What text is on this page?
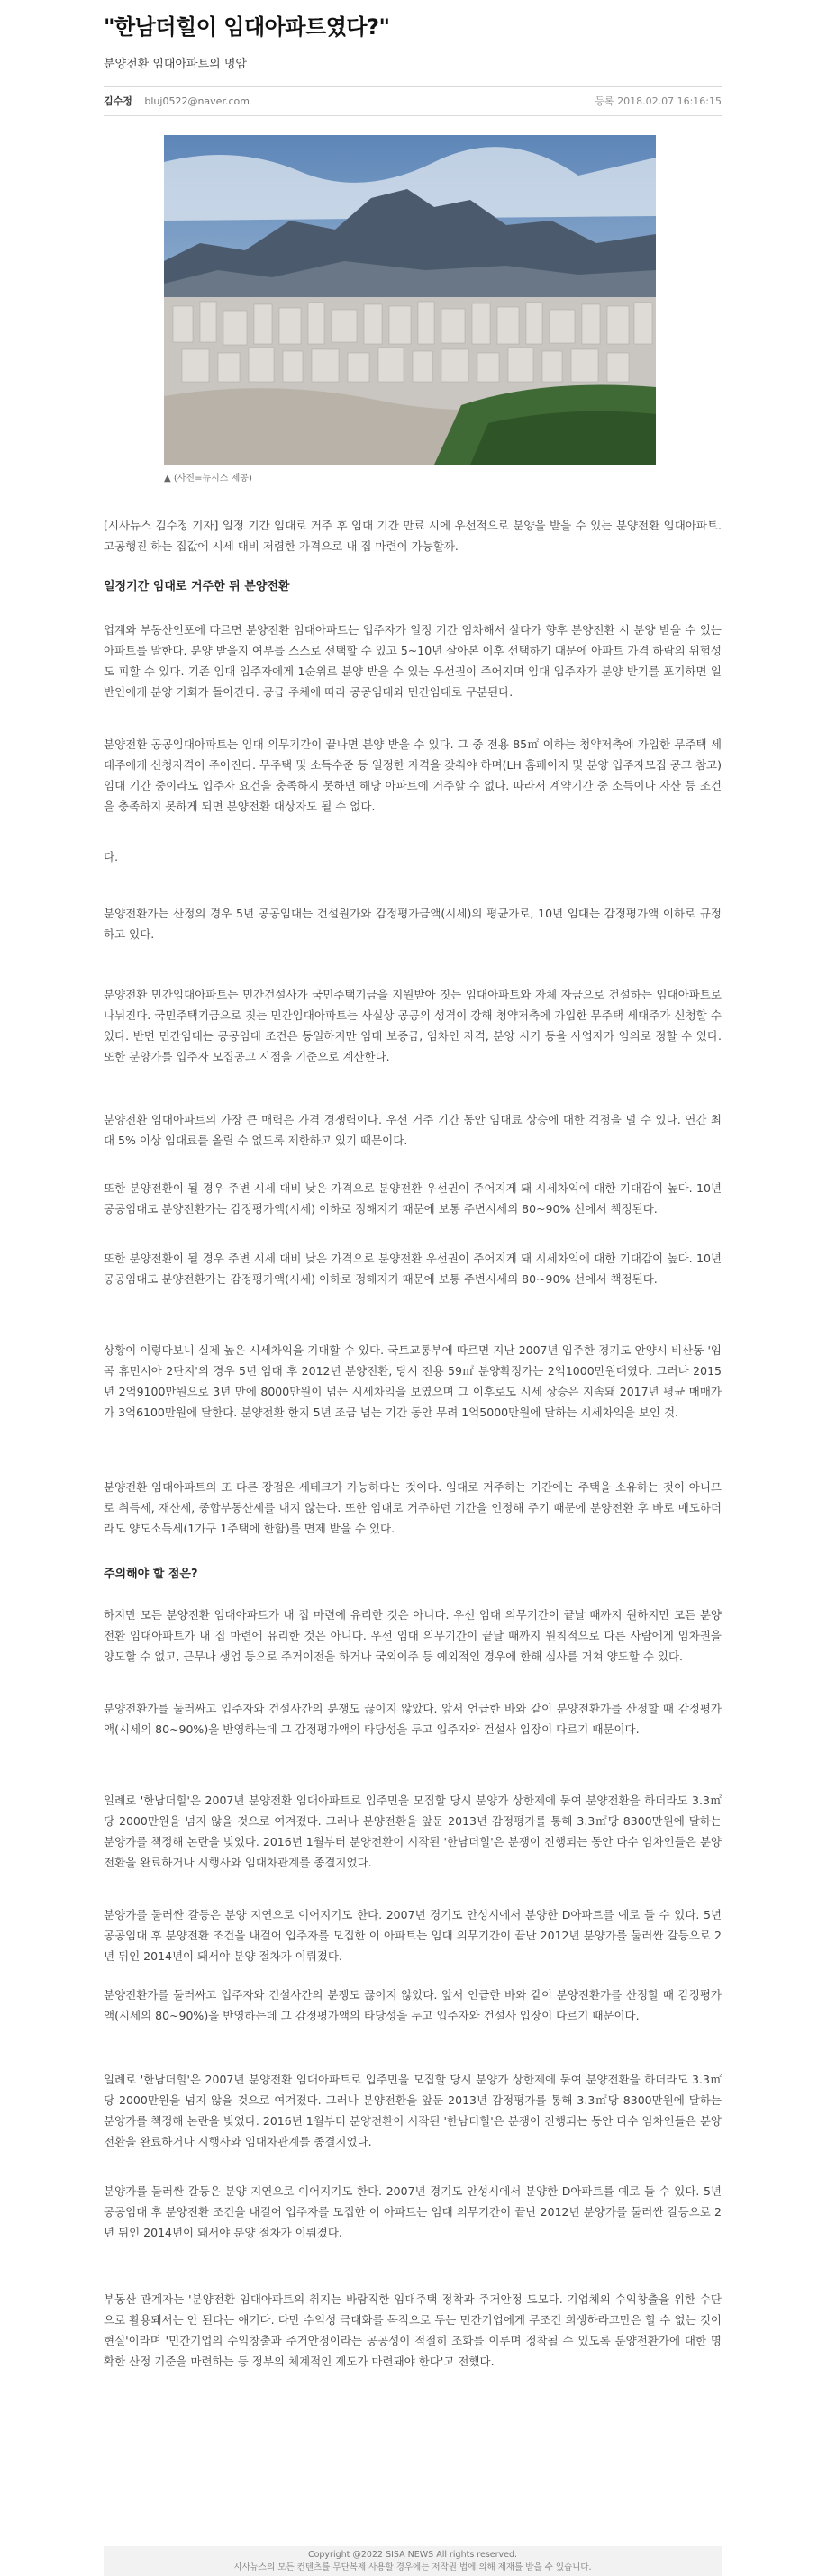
"한남더힐이 임대아파트였다?"
분양전환 임대아파트의 명암
김수정 bluj0522@naver.com	등록 2018.02.07 16:16:15
▲ (사진=뉴시스 제공)

[시사뉴스 김수정 기자] 일정 기간 임대로 거주 후 임대 기간 만료 시에 우선적으로 분양을 받을 수 있는 분양전환 임대아파트. 고공행진 하는 집값에 시세 대비 저렴한 가격으로 내 집 마련이 가능할까.

일정기간 임대로 거주한 뒤 분양전환

업계와 부동산인포에 따르면 분양전환 임대아파트는 입주자가 일정 기간 임차해서 살다가 향후 분양전환 시 분양 받을 수 있는 아파트를 말한다. 분양 받을지 여부를 스스로 선택할 수 있고 5~10년 살아본 이후 선택하기 때문에 아파트 가격 하락의 위험성도 피할 수 있다. 기존 임대 입주자에게 1순위로 분양 받을 수 있는 우선권이 주어지며 임대 입주자가 분양 받기를 포기하면 일반인에게 분양 기회가 돌아간다. 공급 주체에 따라 공공임대와 민간임대로 구분된다.

분양전환 공공임대아파트는 임대 의무기간이 끝나면 분양 받을 수 있다. 그 중 전용 85㎡ 이하는 청약저축에 가입한 무주택 세대주에게 신청자격이 주어진다. 무주택 및 소득수준 등 일정한 자격을 갖춰야 하며(LH 홈페이지 및 분양 입주자모집 공고 참고) 임대 기간 중이라도 입주자 요건을 충족하지 못하면 해당 아파트에 거주할 수 없다. 따라서 계약기간 중 소득이나 자산 등 조건을 충족하지 못하게 되면 분양전환 대상자도 될 수 없다.

다.

분양전환가는 산정의 경우 5년 공공임대는 건설원가와 감정평가금액(시세)의 평균가로, 10년 임대는 감정평가액 이하로 규정하고 있다.

분양전환 민간임대아파트는 민간건설사가 국민주택기금을 지원받아 짓는 임대아파트와 자체 자금으로 건설하는 임대아파트로 나뉘진다. 국민주택기금으로 짓는 민간임대아파트는 사실상 공공의 성격이 강해 청약저축에 가입한 무주택 세대주가 신청할 수 있다. 반면 민간임대는 공공임대 조건은 동일하지만 임대 보증금, 임차인 자격, 분양 시기 등을 사업자가 임의로 정할 수 있다. 또한 분양가를 입주자 모집공고 시점을 기준으로 계산한다.

분양전환 임대아파트의 가장 큰 매력은 가격 경쟁력이다. 우선 거주 기간 동안 임대료 상승에 대한 걱정을 덜 수 있다. 연간 최대 5% 이상 임대료를 올릴 수 없도록 제한하고 있기 때문이다.

또한 분양전환이 될 경우 주변 시세 대비 낮은 가격으로 분양전환 우선권이 주어지게 돼 시세차익에 대한 기대감이 높다. 10년 공공임대도 분양전환가는 감정평가액(시세) 이하로 정해지기 때문에 보통 주변시세의 80~90% 선에서 책정된다.

또한 분양전환이 될 경우 주변 시세 대비 낮은 가격으로 분양전환 우선권이 주어지게 돼 시세차익에 대한 기대감이 높다. 10년 공공임대도 분양전환가는 감정평가액(시세) 이하로 정해지기 때문에 보통 주변시세의 80~90% 선에서 책정된다.

상황이 이렇다보니 실제 높은 시세차익을 기대할 수 있다. 국토교통부에 따르면 지난 2007년 입주한 경기도 안양시 비산동 '임곡 휴먼시아 2단지'의 경우 5년 임대 후 2012년 분양전환, 당시 전용 59㎡ 분양확정가는 2억1000만원대였다. 그러나 2015년 2억9100만원으로 3년 만에 8000만원이 넘는 시세차익을 보였으며 그 이후로도 시세 상승은 지속돼 2017년 평균 매매가가 3억6100만원에 달한다. 분양전환 한지 5년 조금 넘는 기간 동안 무려 1억5000만원에 달하는 시세차익을 보인 것.

분양전환 임대아파트의 또 다른 장점은 세테크가 가능하다는 것이다. 임대로 거주하는 기간에는 주택을 소유하는 것이 아니므로 취득세, 재산세, 종합부동산세를 내지 않는다. 또한 임대로 거주하던 기간을 인정해 주기 때문에 분양전환 후 바로 매도하더라도 양도소득세(1가구 1주택에 한함)를 면제 받을 수 있다.

주의해야 할 점은?

하지만 모든 분양전환 임대아파트가 내 집 마련에 유리한 것은 아니다. 우선 임대 의무기간이 끝날 때까지 원하지만 모든 분양전환 임대아파트가 내 집 마련에 유리한 것은 아니다. 우선 임대 의무기간이 끝날 때까지 원칙적으로 다른 사람에게 임차권을 양도할 수 없고, 근무나 생업 등으로 주거이전을 하거나 국외이주 등 예외적인 경우에 한해 심사를 거쳐 양도할 수 있다.

분양전환가를 둘러싸고 입주자와 건설사간의 분쟁도 끊이지 않았다. 앞서 언급한 바와 같이 분양전환가를 산정할 때 감정평가액(시세의 80~90%)을 반영하는데 그 감정평가액의 타당성을 두고 입주자와 건설사 입장이 다르기 때문이다.

일례로 '한남더힐'은 2007년 분양전환 임대아파트로 입주민을 모집할 당시 분양가 상한제에 묶여 분양전환을 하더라도 3.3㎡당 2000만원을 넘지 않을 것으로 여겨졌다. 그러나 분양전환을 앞둔 2013년 감정평가를 통해 3.3㎡당 8300만원에 달하는 분양가를 책정해 논란을 빚었다. 2016년 1월부터 분양전환이 시작된 '한남더힐'은 분쟁이 진행되는 동안 다수 임차인들은 분양전환을 완료하거나 시행사와 임대차관계를 종결지었다.

분양가를 둘러싼 갈등은 분양 지연으로 이어지기도 한다. 2007년 경기도 안성시에서 분양한 D아파트를 예로 들 수 있다. 5년 공공임대 후 분양전환 조건을 내걸어 입주자를 모집한 이 아파트는 임대 의무기간이 끝난 2012년 분양가를 둘러싼 갈등으로 2년 뒤인 2014년이 돼서야 분양 절차가 이뤄졌다.

분양전환가를 둘러싸고 입주자와 건설사간의 분쟁도 끊이지 않았다. 앞서 언급한 바와 같이 분양전환가를 산정할 때 감정평가액(시세의 80~90%)을 반영하는데 그 감정평가액의 타당성을 두고 입주자와 건설사 입장이 다르기 때문이다.

일례로 '한남더힐'은 2007년 분양전환 임대아파트로 입주민을 모집할 당시 분양가 상한제에 묶여 분양전환을 하더라도 3.3㎡당 2000만원을 넘지 않을 것으로 여겨졌다. 그러나 분양전환을 앞둔 2013년 감정평가를 통해 3.3㎡당 8300만원에 달하는 분양가를 책정해 논란을 빚었다. 2016년 1월부터 분양전환이 시작된 '한남더힐'은 분쟁이 진행되는 동안 다수 임차인들은 분양전환을 완료하거나 시행사와 임대차관계를 종결지었다.

분양가를 둘러싼 갈등은 분양 지연으로 이어지기도 한다. 2007년 경기도 안성시에서 분양한 D아파트를 예로 들 수 있다. 5년 공공임대 후 분양전환 조건을 내걸어 입주자를 모집한 이 아파트는 임대 의무기간이 끝난 2012년 분양가를 둘러싼 갈등으로 2년 뒤인 2014년이 돼서야 분양 절차가 이뤄졌다.

부동산 관계자는 '분양전환 임대아파트의 취지는 바람직한 임대주택 정착과 주거안정 도모다. 기업체의 수익창출을 위한 수단으로 활용돼서는 안 된다는 얘기다. 다만 수익성 극대화를 목적으로 두는 민간기업에게 무조건 희생하라고만은 할 수 없는 것이 현실'이라며 '민간기업의 수익창출과 주거안정이라는 공공성이 적절히 조화를 이루며 정착될 수 있도록 분양전환가에 대한 명확한 산정 기준을 마련하는 등 정부의 체계적인 제도가 마련돼야 한다'고 전했다.

Copyright @2022 SISA NEWS All rights reserved.
시사뉴스의 모든 컨텐츠를 무단복제 사용할 경우에는 저작권 법에 의해 제재를 받을 수 있습니다.
